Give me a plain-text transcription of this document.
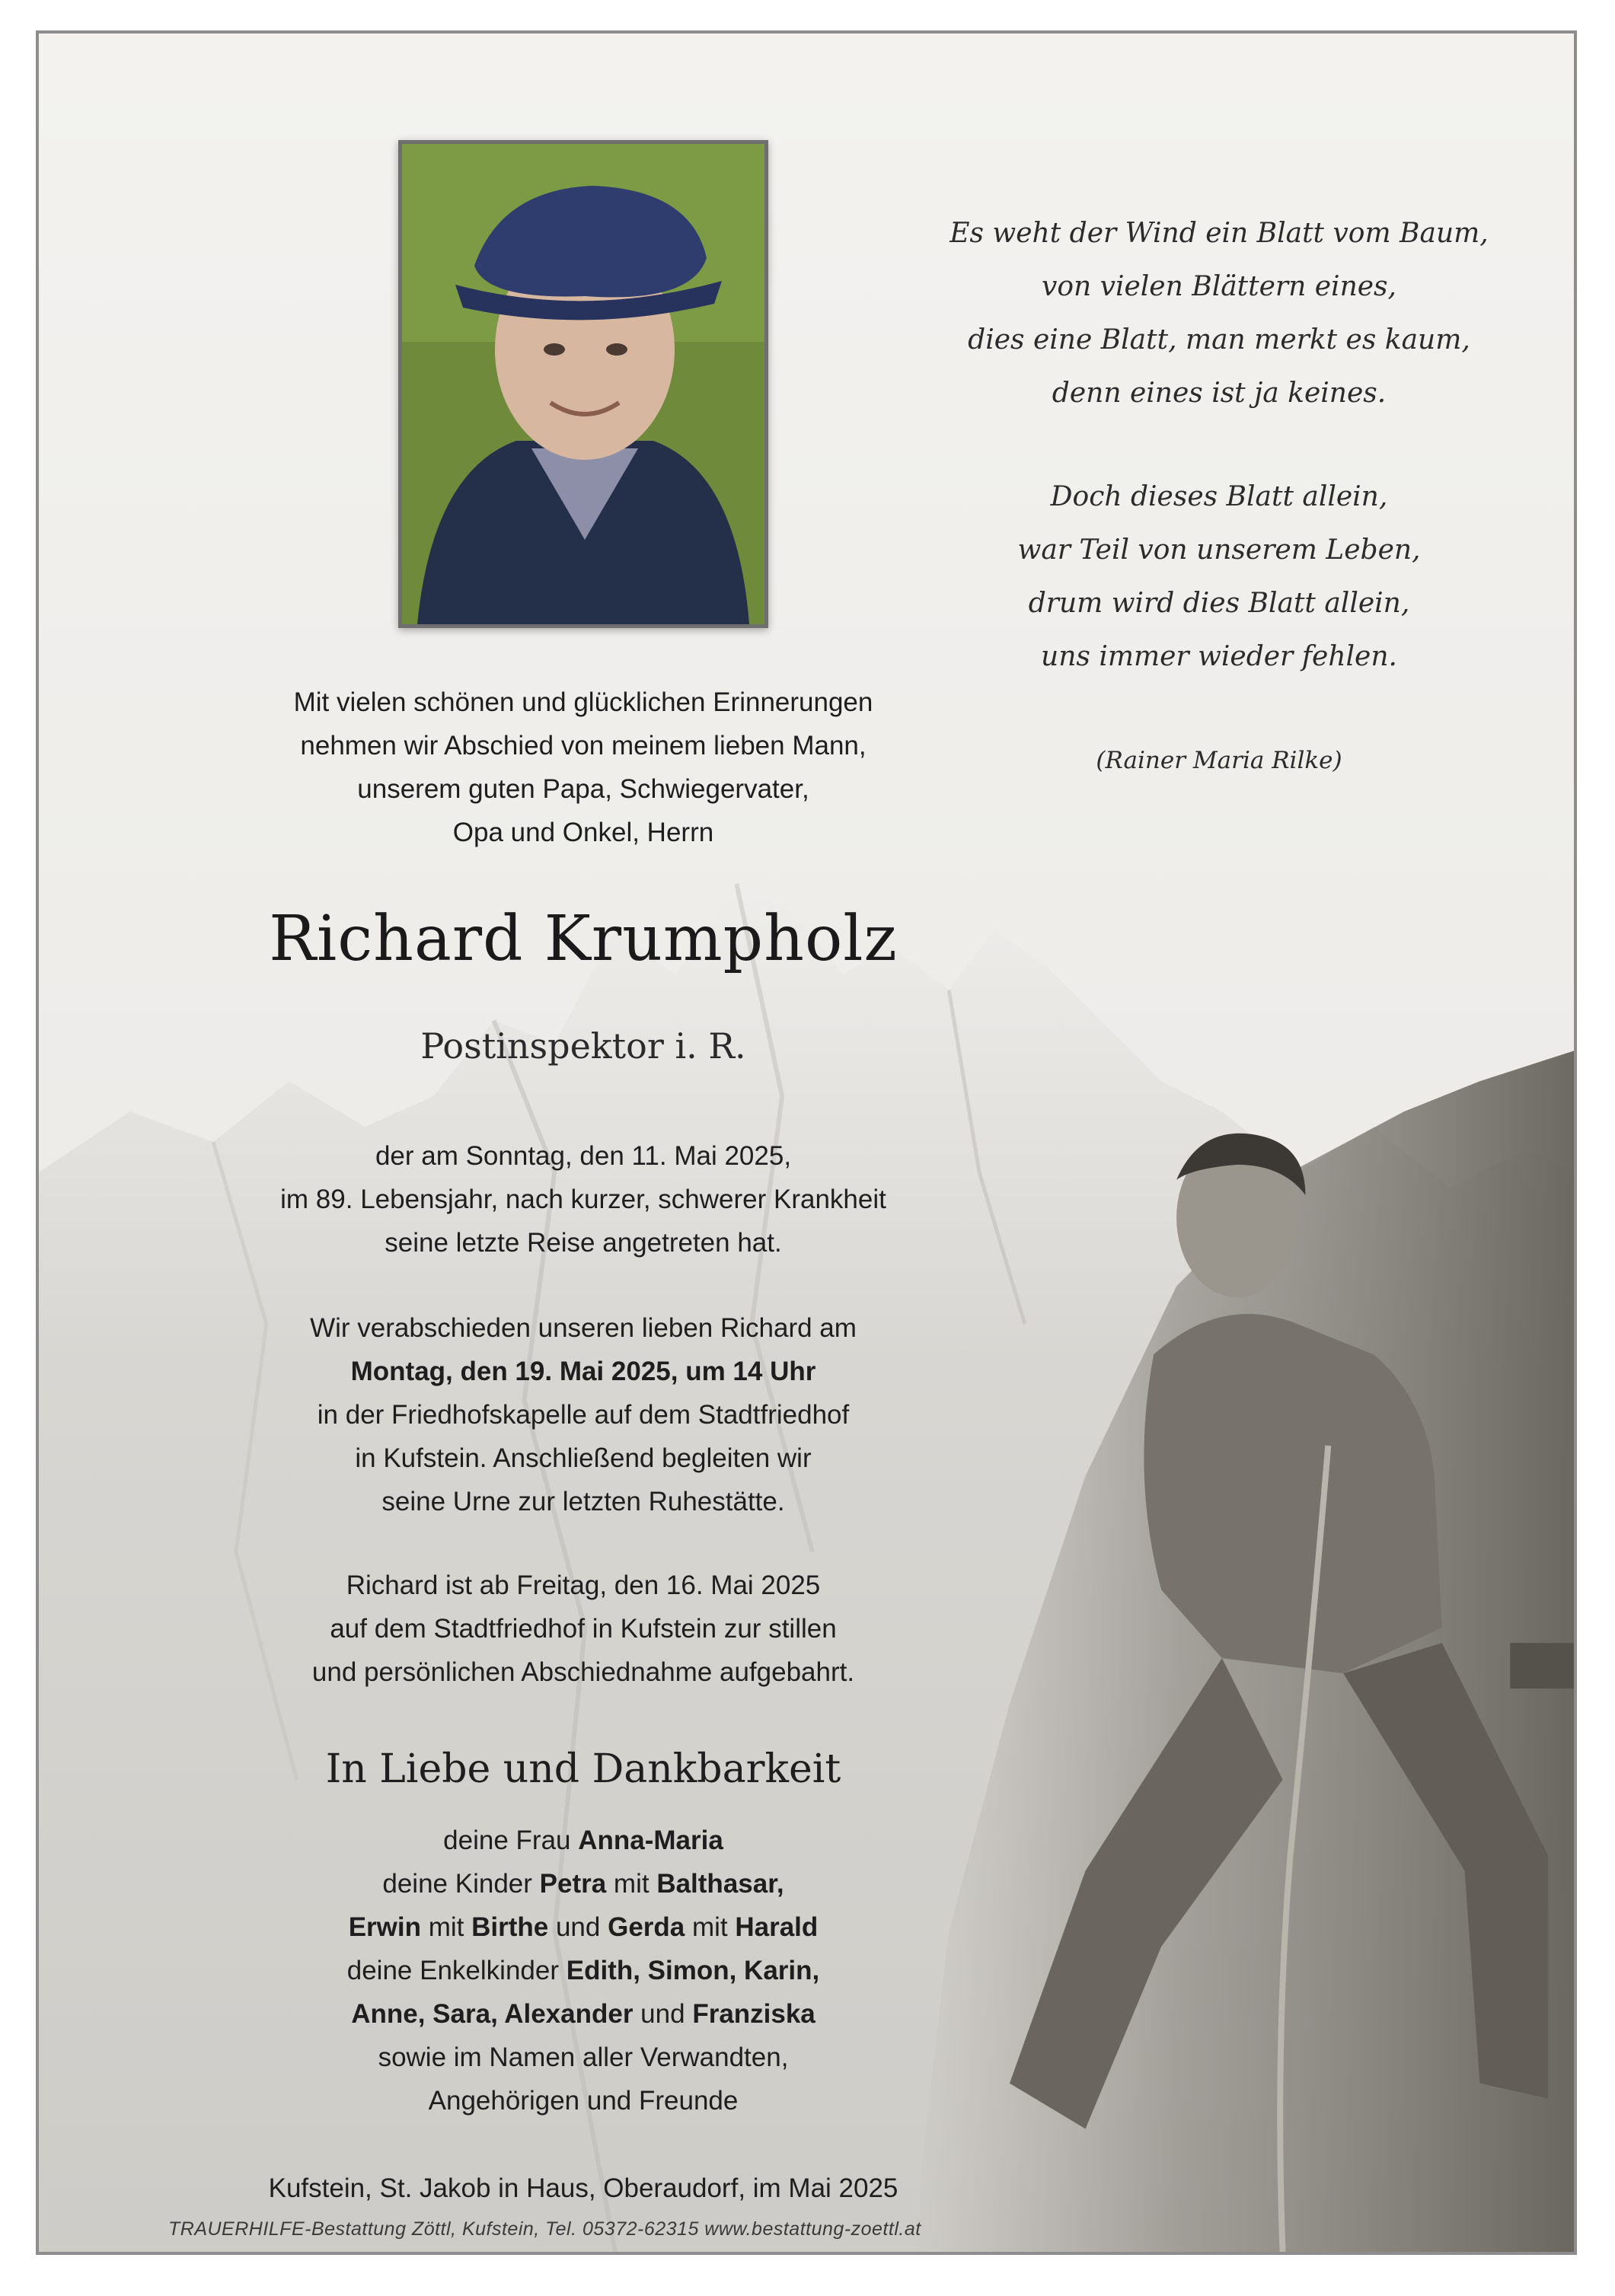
Es weht der Wind ein Blatt vom Baum,
von vielen Blättern eines,
dies eine Blatt, man merkt es kaum,
denn eines ist ja keines.
Doch dieses Blatt allein,
war Teil von unserem Leben,
drum wird dies Blatt allein,
uns immer wieder fehlen.
(Rainer Maria Rilke)
Mit vielen schönen und glücklichen Erinnerungen
nehmen wir Abschied von meinem lieben Mann,
unserem guten Papa, Schwiegervater,
Opa und Onkel, Herrn
Richard Krumpholz
Postinspektor i. R.
der am Sonntag, den 11. Mai 2025,
im 89. Lebensjahr, nach kurzer, schwerer Krankheit
seine letzte Reise angetreten hat.
Wir verabschieden unseren lieben Richard am
Montag, den 19. Mai 2025, um 14 Uhr
in der Friedhofskapelle auf dem Stadtfriedhof
in Kufstein. Anschließend begleiten wir
seine Urne zur letzten Ruhestätte.
Richard ist ab Freitag, den 16. Mai 2025
auf dem Stadtfriedhof in Kufstein zur stillen
und persönlichen Abschiednahme aufgebahrt.
In Liebe und Dankbarkeit
deine Frau Anna-Maria
deine Kinder Petra mit Balthasar,
Erwin mit Birthe und Gerda mit Harald
deine Enkelkinder Edith, Simon, Karin,
Anne, Sara, Alexander und Franziska
sowie im Namen aller Verwandten,
Angehörigen und Freunde
Kufstein, St. Jakob in Haus, Oberaudorf, im Mai 2025
TRAUERHILFE-Bestattung Zöttl, Kufstein, Tel. 05372-62315 www.bestattung-zoettl.at
